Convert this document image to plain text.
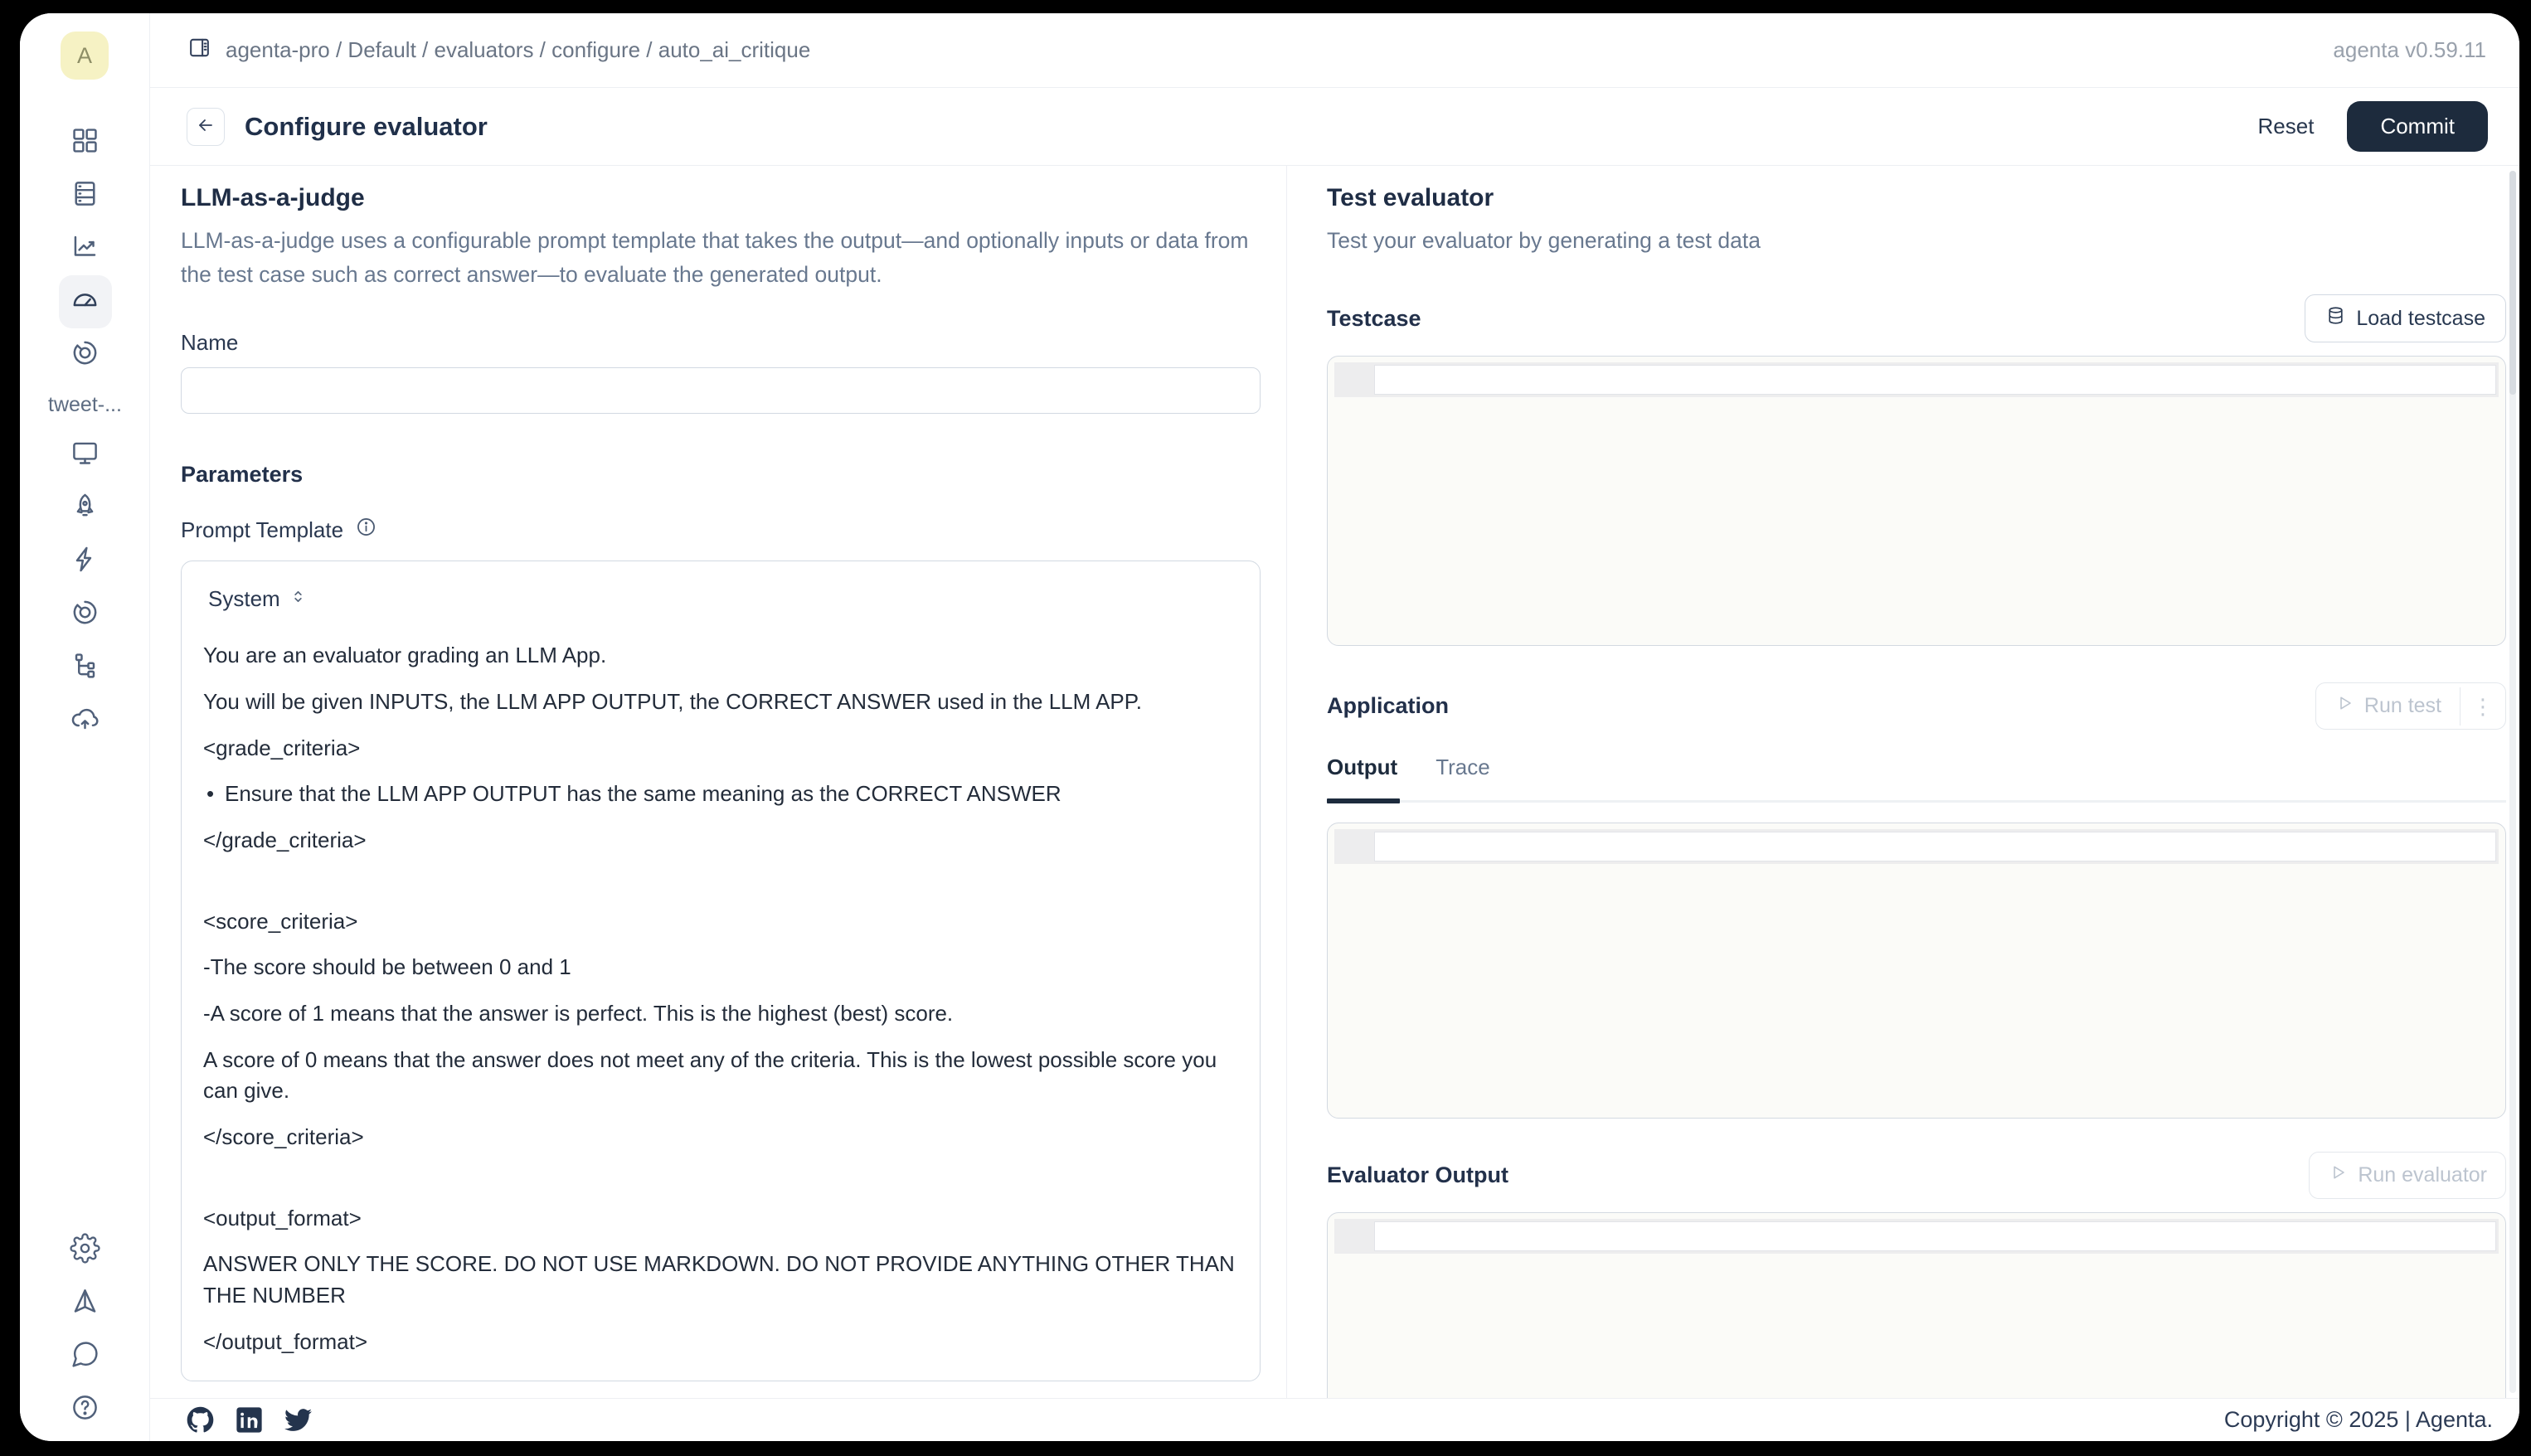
A
tweet-...
agenta-pro / Default / evaluators / configure / auto_ai_critique	agenta v0.59.11
Configure evaluator	Reset	Commit
LLM-as-a-judge

LLM-as-a-judge uses a configurable prompt template that takes the output—and optionally inputs or data from the test case such as correct answer—to evaluate the generated output.

Name
Parameters
Prompt Template
System

You are an evaluator grading an LLM App.

You will be given INPUTS, the LLM APP OUTPUT, the CORRECT ANSWER used in the LLM APP.

<grade_criteria>

• Ensure that the LLM APP OUTPUT has the same meaning as the CORRECT ANSWER

</grade_criteria>

<score_criteria>

-The score should be between 0 and 1

-A score of 1 means that the answer is perfect. This is the highest (best) score.

A score of 0 means that the answer does not meet any of the criteria. This is the lowest possible score you can give.

</score_criteria>

<output_format>

ANSWER ONLY THE SCORE. DO NOT USE MARKDOWN. DO NOT PROVIDE ANYTHING OTHER THAN THE NUMBER

</output_format>

Test evaluator

Test your evaluator by generating a test data

Testcase	Load testcase
Application	Run test	⋮
Output Trace
Evaluator Output	Run evaluator
Copyright © 2025 | Agenta.
